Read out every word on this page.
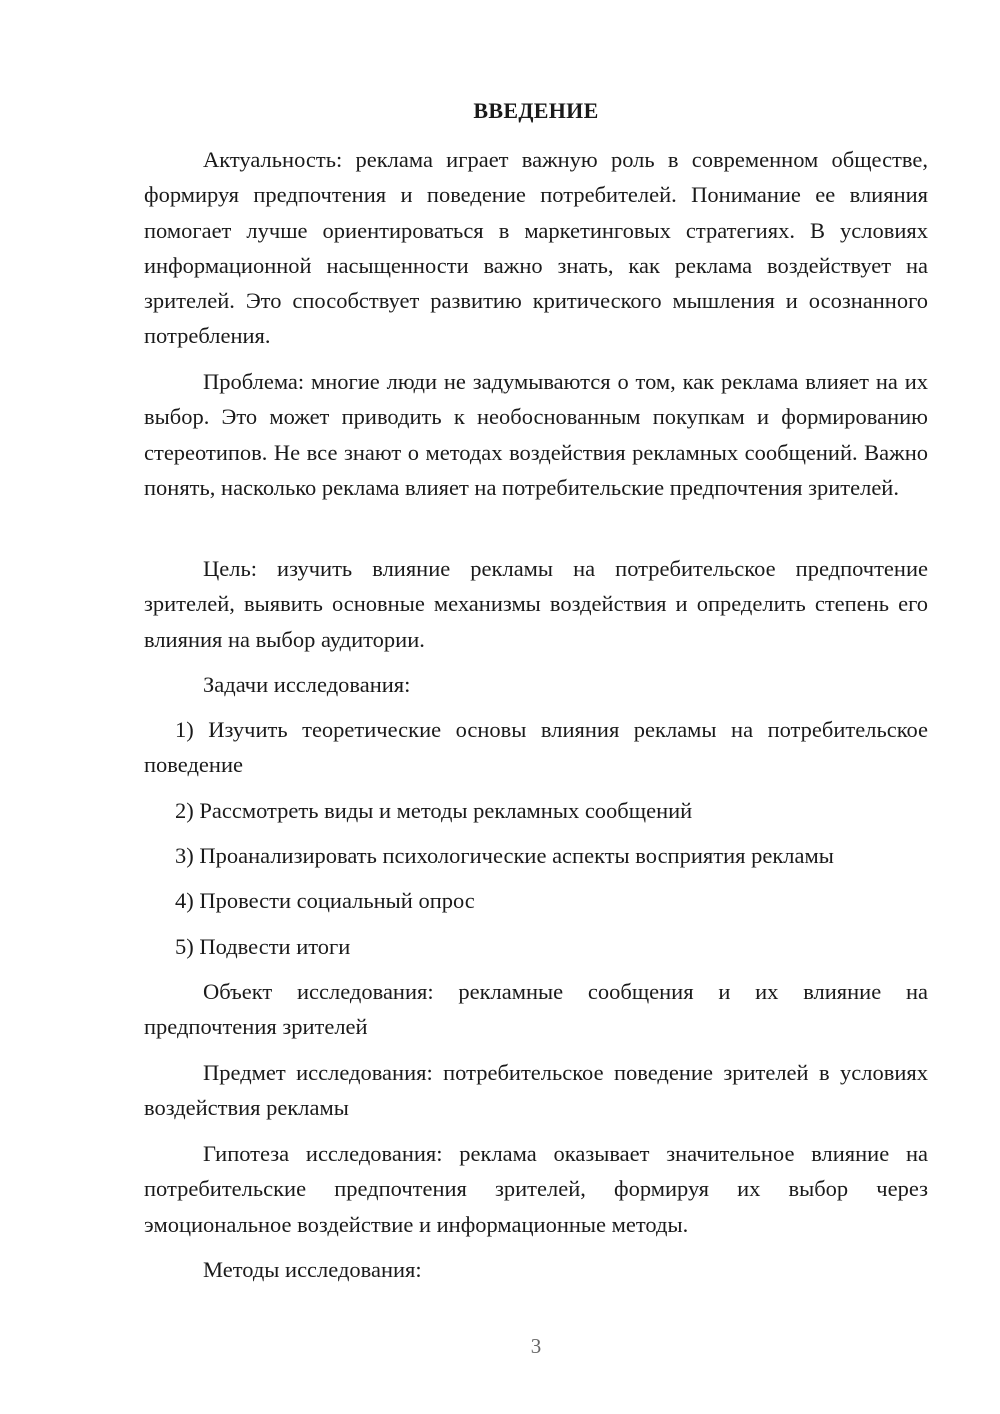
ВВЕДЕНИЕ

Актуальность: реклама играет важную роль в современном обществе, формируя предпочтения и поведение потребителей. Понимание ее влияния помогает лучше ориентироваться в маркетинговых стратегиях. В условиях информационной насыщенности важно знать, как реклама воздействует на зрителей. Это способствует развитию критического мышления и осознанного потребления.

Проблема: многие люди не задумываются о том, как реклама влияет на их выбор. Это может приводить к необоснованным покупкам и формированию стереотипов. Не все знают о методах воздействия рекламных сообщений. Важно понять, насколько реклама влияет на потребительские предпочтения зрителей.

Цель: изучить влияние рекламы на потребительское предпочтение зрителей, выявить основные механизмы воздействия и определить степень его влияния на выбор аудитории.

Задачи исследования:

1) Изучить теоретические основы влияния рекламы на потребительское поведение

2) Рассмотреть виды и методы рекламных сообщений

3) Проанализировать психологические аспекты восприятия рекламы

4) Провести социальный опрос

5) Подвести итоги

Объект исследования: рекламные сообщения и их влияние на предпочтения зрителей

Предмет исследования: потребительское поведение зрителей в условиях воздействия рекламы

Гипотеза исследования: реклама оказывает значительное влияние на потребительские предпочтения зрителей, формируя их выбор через эмоциональное воздействие и информационные методы.

Методы исследования:

3
